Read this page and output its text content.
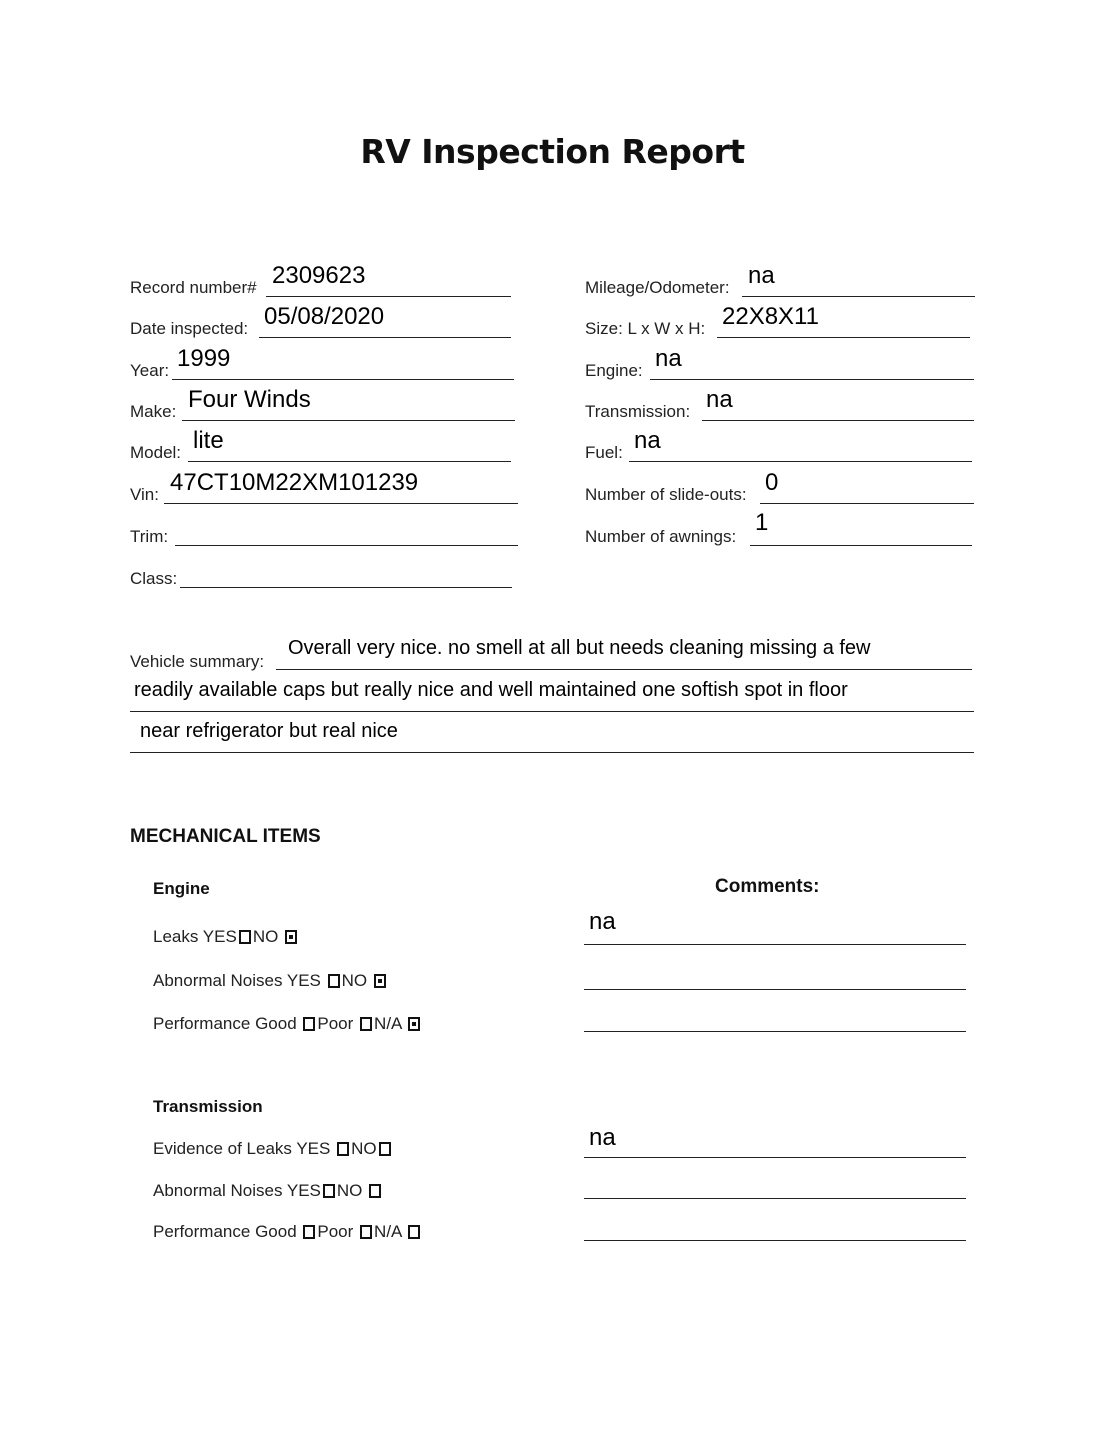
RV Inspection Report
Record number# 2309623
Date inspected: 05/08/2020
Year: 1999
Make: Four Winds
Model: lite
Vin: 47CT10M22XM101239
Trim:
Class:
Mileage/Odometer: na
Size: L x W x H: 22X8X11
Engine: na
Transmission: na
Fuel: na
Number of slide-outs: 0
Number of awnings:
1
Vehicle summary:
Overall very nice. no smell at all but needs cleaning missing a few
readily available caps but really nice and well maintained one softish spot in floor
near refrigerator but real nice
MECHANICAL ITEMS
Engine	Comments:
Leaks YES NO
na
Abnormal Noises YES NO
Performance Good Poor N/A
Transmission
Evidence of Leaks YES NO	na
Abnormal Noises YES NO
Performance Good Poor N/A
